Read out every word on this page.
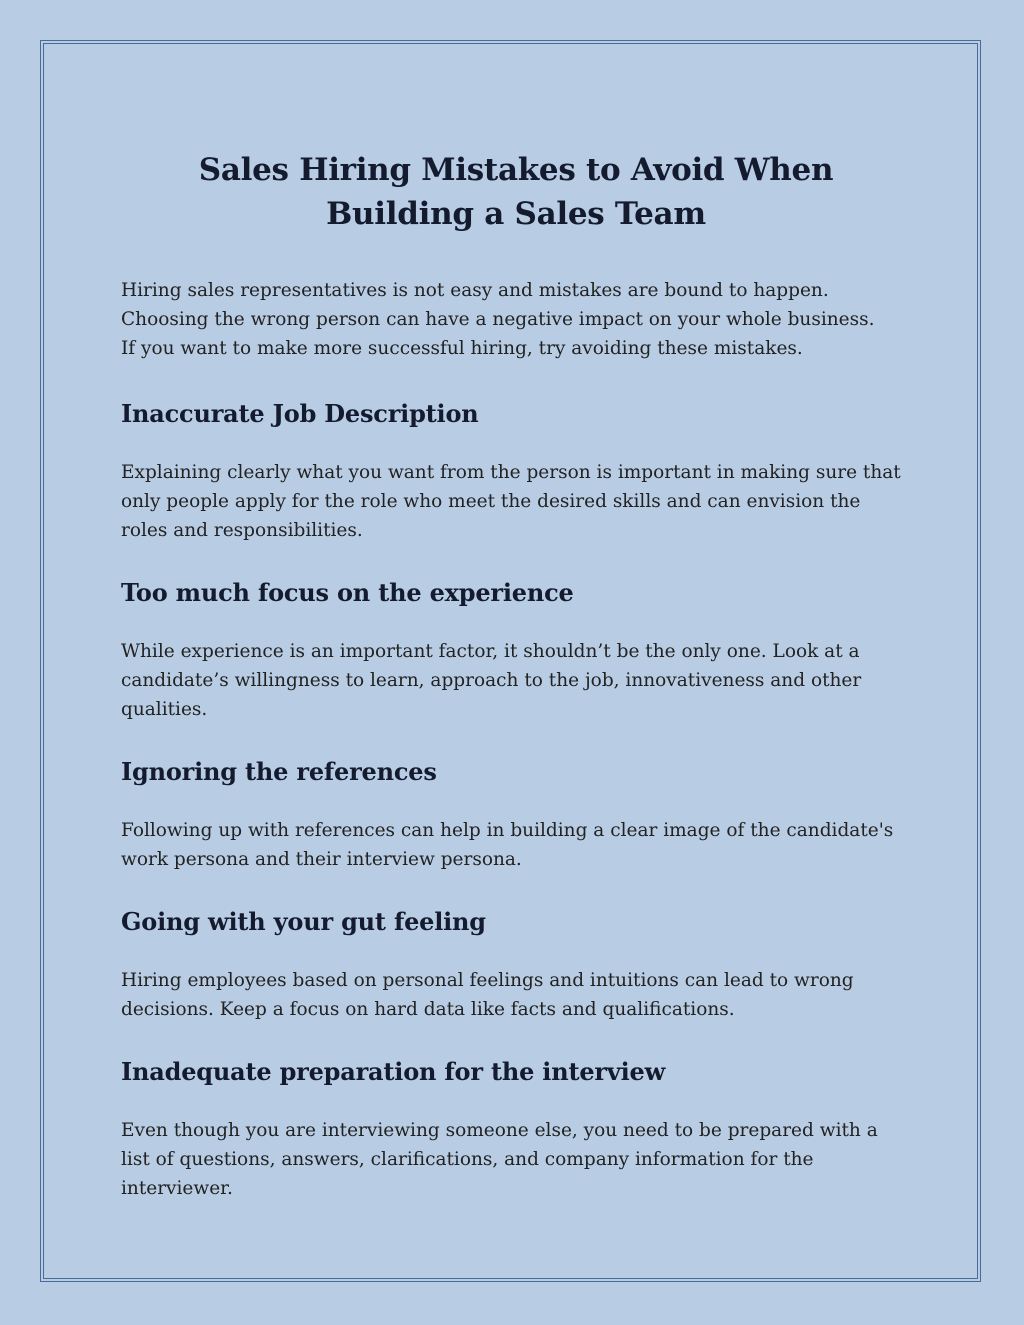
Sales Hiring Mistakes to Avoid When Building a Sales Team

Hiring sales representatives is not easy and mistakes are bound to happen.

Choosing the wrong person can have a negative impact on your whole business.

If you want to make more successful hiring, try avoiding these mistakes.

Inaccurate Job Description

Explaining clearly what you want from the person is important in making sure that only people apply for the role who meet the desired skills and can envision the roles and responsibilities.

Too much focus on the experience

While experience is an important factor, it shouldn’t be the only one. Look at a candidate’s willingness to learn, approach to the job, innovativeness and other qualities.

Ignoring the references

Following up with references can help in building a clear image of the candidate's work persona and their interview persona.

Going with your gut feeling

Hiring employees based on personal feelings and intuitions can lead to wrong decisions. Keep a focus on hard data like facts and qualifications.

Inadequate preparation for the interview

Even though you are interviewing someone else, you need to be prepared with a list of questions, answers, clarifications, and company information for the interviewer.
